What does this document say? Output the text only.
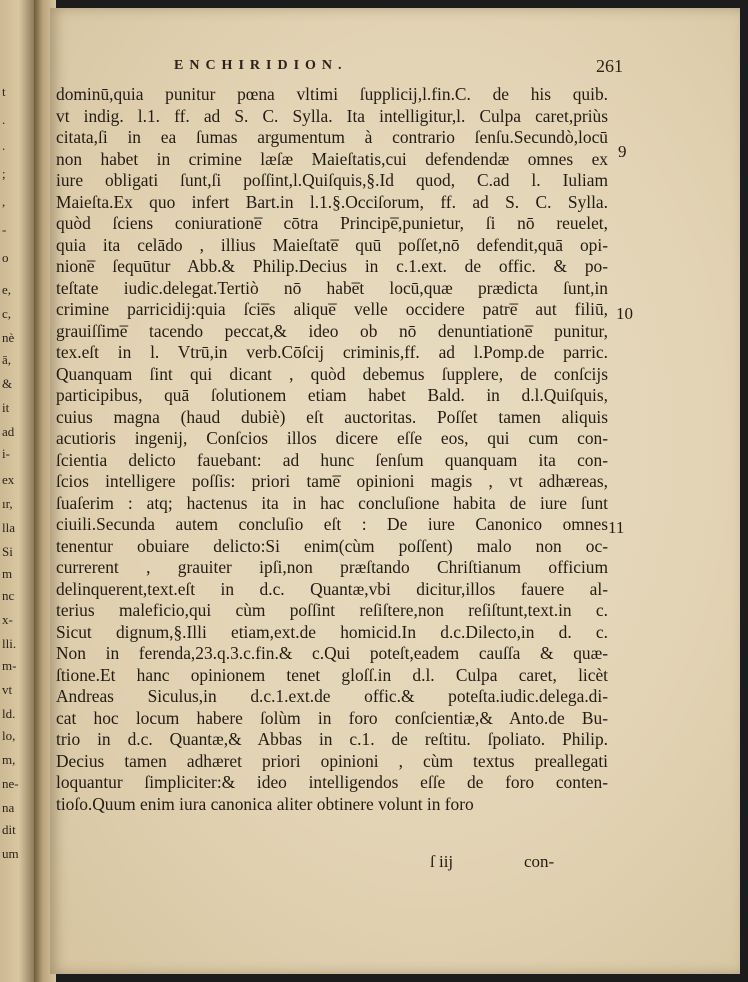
t
.
.
;
,
-
o
e,
c,
nè
ā,
&
it
ad
i-
ex
ır,
lla
Si
m
nc
x-
lli.
m-
vt
ld.
lo,
m,
ne-
na
dit
um
ENCHIRIDION.	261
dominū,quia punitur pœna vltimi ſupplicij,l.fin.C. de his quib.
vt indig. l.1. ff. ad S. C. Sylla. Ita intelligitur,l. Culpa caret,priùs
citata,ſi in ea ſumas argumentum à contrario ſenſu.Secundò,locū
non habet in crimine læſæ Maieſtatis,cui defendendæ omnes ex
iure obligati ſunt,ſi poſſint,l.Quiſquis,§.Id quod, C.ad l. Iuliam
Maieſta.Ex quo infert Bart.in l.1.§.Occiſorum, ff. ad S. C. Sylla.
quòd ſciens coniuratione̅ cōtra Principe̅,punietur, ſi nō reuelet,
quia ita celādo , illius Maieſtate̅ quū poſſet,nō defendit,quā opi-
nione̅ ſequūtur Abb.& Philip.Decius in c.1.ext. de offic. & po-
teſtate iudic.delegat.Tertiò nō habe̅t locū,quæ prædicta ſunt,in
crimine parricidij:quia ſcie̅s alique̅ velle occidere patre̅ aut filiū,
grauiſſime̅ tacendo peccat,& ideo ob nō denuntiatione̅ punitur,
tex.eſt in l. Vtrū,in verb.Cōſcij criminis,ff. ad l.Pomp.de parric.
Quanquam ſint qui dicant , quòd debemus ſupplere, de conſcijs
participibus, quā ſolutionem etiam habet Bald. in d.l.Quiſquis,
cuius magna (haud dubiè) eſt auctoritas. Poſſet tamen aliquis
acutioris ingenij, Conſcios illos dicere eſſe eos, qui cum con-
ſcientia delicto fauebant: ad hunc ſenſum quanquam ita con-
ſcios intelligere poſſis: priori tame̅ opinioni magis , vt adhæreas,
ſuaſerim : atq; hactenus ita in hac concluſione habita de iure ſunt
ciuili.Secunda autem concluſio eſt : De iure Canonico omnes
tenentur obuiare delicto:Si enim(cùm poſſent) malo non oc-
currerent , grauiter ipſi,non præſtando Chriſtianum officium
delinquerent,text.eſt in d.c. Quantæ,vbi dicitur,illos fauere al-
terius maleficio,qui cùm poſſint reſiſtere,non reſiſtunt,text.in c.
Sicut dignum,§.Illi etiam,ext.de homicid.In d.c.Dilecto,in d. c.
Non in ferenda,23.q.3.c.fin.& c.Qui poteſt,eadem cauſſa & quæ-
ſtione.Et hanc opinionem tenet gloſſ.in d.l. Culpa caret, licèt
Andreas Siculus,in d.c.1.ext.de offic.& poteſta.iudic.delega.di-
cat hoc locum habere ſolùm in foro conſcientiæ,& Anto.de Bu-
trio in d.c. Quantæ,& Abbas in c.1. de reſtitu. ſpoliato. Philip.
Decius tamen adhæret priori opinioni , cùm textus preallegati
loquantur ſimpliciter:& ideo intelligendos eſſe de foro conten-
tioſo.Quum enim iura canonica aliter obtinere volunt in foro
9
10
11
ſ iij	con-
